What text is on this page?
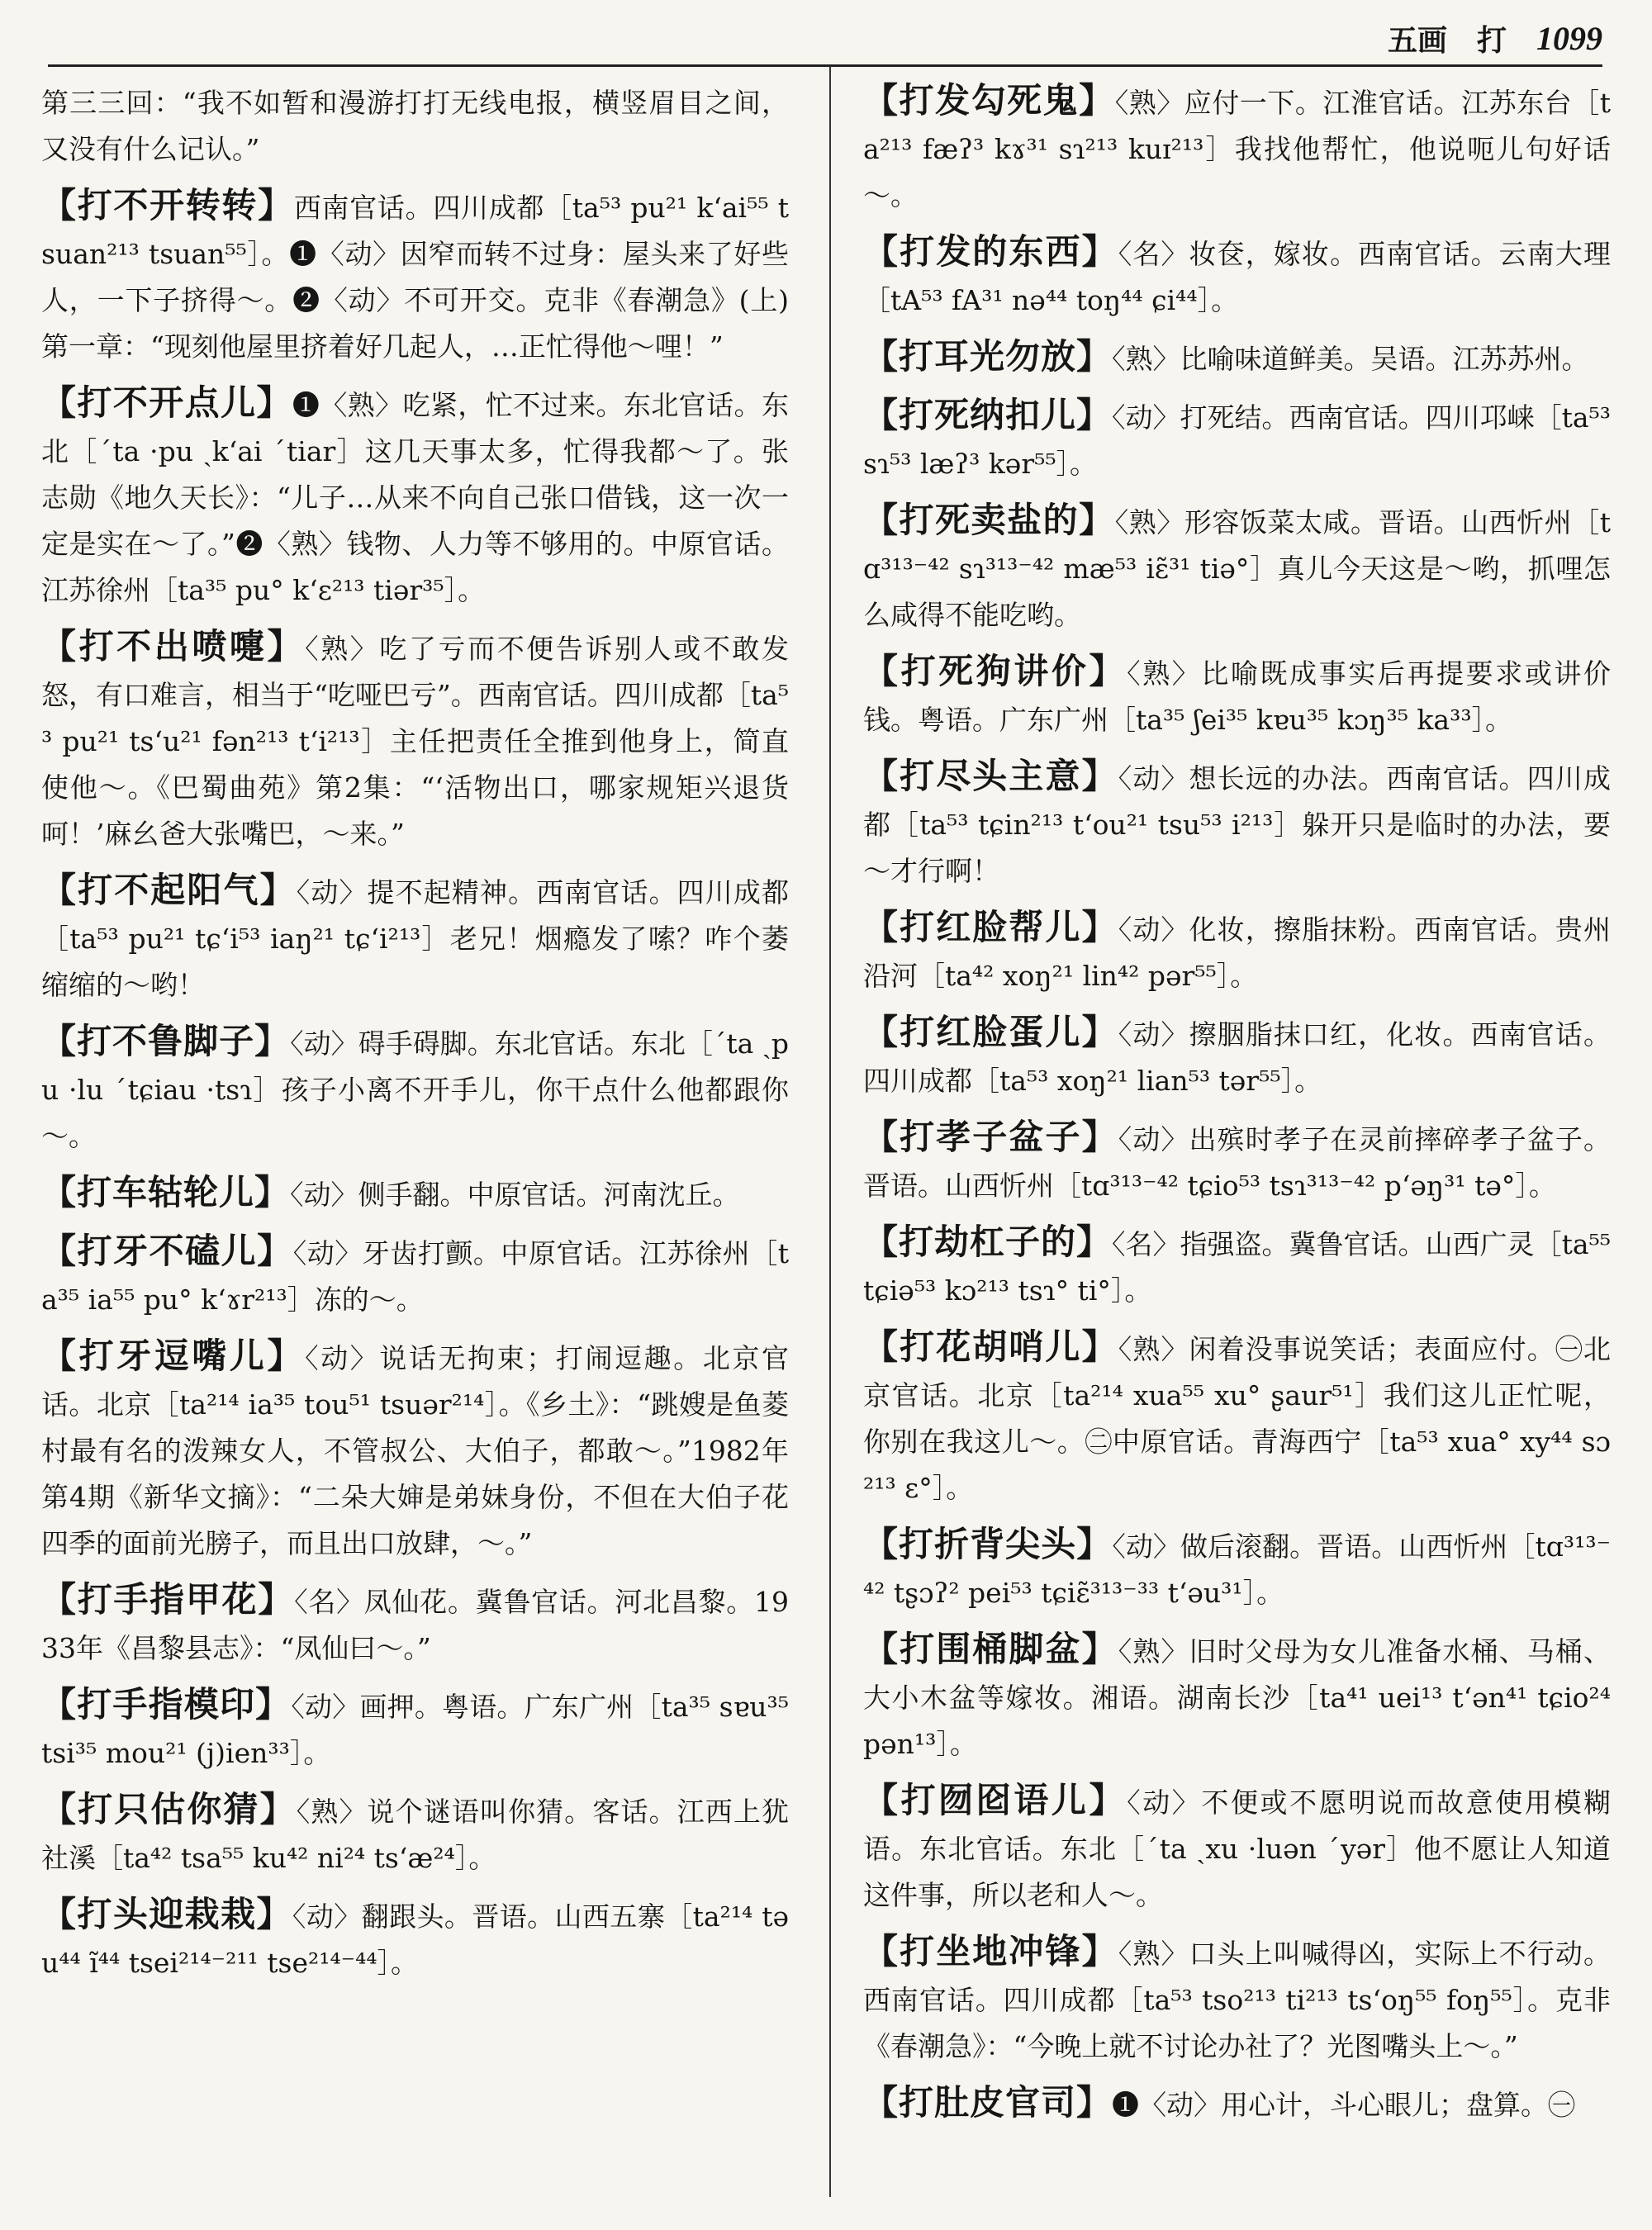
五画 打 1099
第三三回：“我不如暂和漫游打打无线电报，横竖眉目之间，又没有什么记认。”
【打不开转转】西南官话。四川成都［ta⁵³ pu²¹ kʻai⁵⁵ tsuan²¹³ tsuan⁵⁵］。❶〈动〉因窄而转不过身：屋头来了好些人，一下子挤得～。❷〈动〉不可开交。克非《春潮急》(上)第一章：“现刻他屋里挤着好几起人，…正忙得他～哩！”
【打不开点儿】❶〈熟〉吃紧，忙不过来。东北官话。东北［ˊta ·pu ˎkʻai ˊtiar］这几天事太多，忙得我都～了。张志勋《地久天长》：“儿子…从来不向自己张口借钱，这一次一定是实在～了。”❷〈熟〉钱物、人力等不够用的。中原官话。江苏徐州［ta³⁵ pu° kʻɛ²¹³ tiər³⁵］。
【打不出喷嚏】〈熟〉吃了亏而不便告诉别人或不敢发怒，有口难言，相当于“吃哑巴亏”。西南官话。四川成都［ta⁵³ pu²¹ tsʻu²¹ fən²¹³ tʻi²¹³］主任把责任全推到他身上，简直使他～。《巴蜀曲苑》第2集：“‘活物出口，哪家规矩兴退货呵！’麻幺爸大张嘴巴，～来。”
【打不起阳气】〈动〉提不起精神。西南官话。四川成都［ta⁵³ pu²¹ tɕʻi⁵³ iaŋ²¹ tɕʻi²¹³］老兄！烟瘾发了嗦？咋个萎缩缩的～哟！
【打不鲁脚子】〈动〉碍手碍脚。东北官话。东北［ˊta ˎpu ·lu ˊtɕiau ·tsɿ］孩子小离不开手儿，你干点什么他都跟你～。
【打车轱轮儿】〈动〉侧手翻。中原官话。河南沈丘。
【打牙不磕儿】〈动〉牙齿打颤。中原官话。江苏徐州［ta³⁵ ia⁵⁵ pu° kʻɤr²¹³］冻的～。
【打牙逗嘴儿】〈动〉说话无拘束；打闹逗趣。北京官话。北京［ta²¹⁴ ia³⁵ tou⁵¹ tsuər²¹⁴］。《乡土》：“跳嫂是鱼菱村最有名的泼辣女人，不管叔公、大伯子，都敢～。”1982年第4期《新华文摘》：“二朵大婶是弟妹身份，不但在大伯子花四季的面前光膀子，而且出口放肆，～。”
【打手指甲花】〈名〉凤仙花。冀鲁官话。河北昌黎。1933年《昌黎县志》：“凤仙曰～。”
【打手指模印】〈动〉画押。粤语。广东广州［ta³⁵ sɐu³⁵ tsi³⁵ mou²¹ (j)ien³³］。
【打只估你猜】〈熟〉说个谜语叫你猜。客话。江西上犹社溪［ta⁴² tsa⁵⁵ ku⁴² ni²⁴ tsʻæ²⁴］。
【打头迎栽栽】〈动〉翻跟头。晋语。山西五寨［ta²¹⁴ təu⁴⁴ ĩ⁴⁴ tsei²¹⁴⁻²¹¹ tse²¹⁴⁻⁴⁴］。
【打发勾死鬼】〈熟〉应付一下。江淮官话。江苏东台［ta²¹³ fæʔ³ kɤ³¹ sɿ²¹³ kuɪ²¹³］我找他帮忙，他说呃儿句好话～。
【打发的东西】〈名〉妆奁，嫁妆。西南官话。云南大理［tA⁵³ fA³¹ nə⁴⁴ toŋ⁴⁴ ɕi⁴⁴］。
【打耳光勿放】〈熟〉比喻味道鲜美。吴语。江苏苏州。
【打死纳扣儿】〈动〉打死结。西南官话。四川邛崃［ta⁵³ sɿ⁵³ læʔ³ kər⁵⁵］。
【打死卖盐的】〈熟〉形容饭菜太咸。晋语。山西忻州［tɑ³¹³⁻⁴² sɿ³¹³⁻⁴² mæ⁵³ iɛ̃³¹ tiə°］真儿今天这是～哟，抓哩怎么咸得不能吃哟。
【打死狗讲价】〈熟〉比喻既成事实后再提要求或讲价钱。粤语。广东广州［ta³⁵ ʃei³⁵ kɐu³⁵ kɔŋ³⁵ ka³³］。
【打尽头主意】〈动〉想长远的办法。西南官话。四川成都［ta⁵³ tɕin²¹³ tʻou²¹ tsu⁵³ i²¹³］躲开只是临时的办法，要～才行啊！
【打红脸帮儿】〈动〉化妆，擦脂抹粉。西南官话。贵州沿河［ta⁴² xoŋ²¹ lin⁴² pər⁵⁵］。
【打红脸蛋儿】〈动〉擦胭脂抹口红，化妆。西南官话。四川成都［ta⁵³ xoŋ²¹ lian⁵³ tər⁵⁵］。
【打孝子盆子】〈动〉出殡时孝子在灵前摔碎孝子盆子。晋语。山西忻州［tɑ³¹³⁻⁴² tɕio⁵³ tsɿ³¹³⁻⁴² pʻəŋ³¹ tə°］。
【打劫杠子的】〈名〉指强盗。冀鲁官话。山西广灵［ta⁵⁵ tɕiə⁵³ kɔ²¹³ tsɿ° ti°］。
【打花胡哨儿】〈熟〉闲着没事说笑话；表面应付。㊀北京官话。北京［ta²¹⁴ xua⁵⁵ xu° ʂaur⁵¹］我们这儿正忙呢，你别在我这儿～。㊁中原官话。青海西宁［ta⁵³ xua° xy⁴⁴ sɔ²¹³ ɛ°］。
【打折背尖头】〈动〉做后滚翻。晋语。山西忻州［tɑ³¹³⁻⁴² tʂɔʔ² pei⁵³ tɕiɛ̃³¹³⁻³³ tʻəu³¹］。
【打围桶脚盆】〈熟〉旧时父母为女儿准备水桶、马桶、大小木盆等嫁妆。湘语。湖南长沙［ta⁴¹ uei¹³ tʻən⁴¹ tɕio²⁴ pən¹³］。
【打囫囵语儿】〈动〉不便或不愿明说而故意使用模糊语。东北官话。东北［ˊta ˎxu ·luən ˊyər］他不愿让人知道这件事，所以老和人～。
【打坐地冲锋】〈熟〉口头上叫喊得凶，实际上不行动。西南官话。四川成都［ta⁵³ tso²¹³ ti²¹³ tsʻoŋ⁵⁵ foŋ⁵⁵］。克非《春潮急》：“今晚上就不讨论办社了？光图嘴头上～。”
【打肚皮官司】❶〈动〉用心计，斗心眼儿；盘算。㊀
